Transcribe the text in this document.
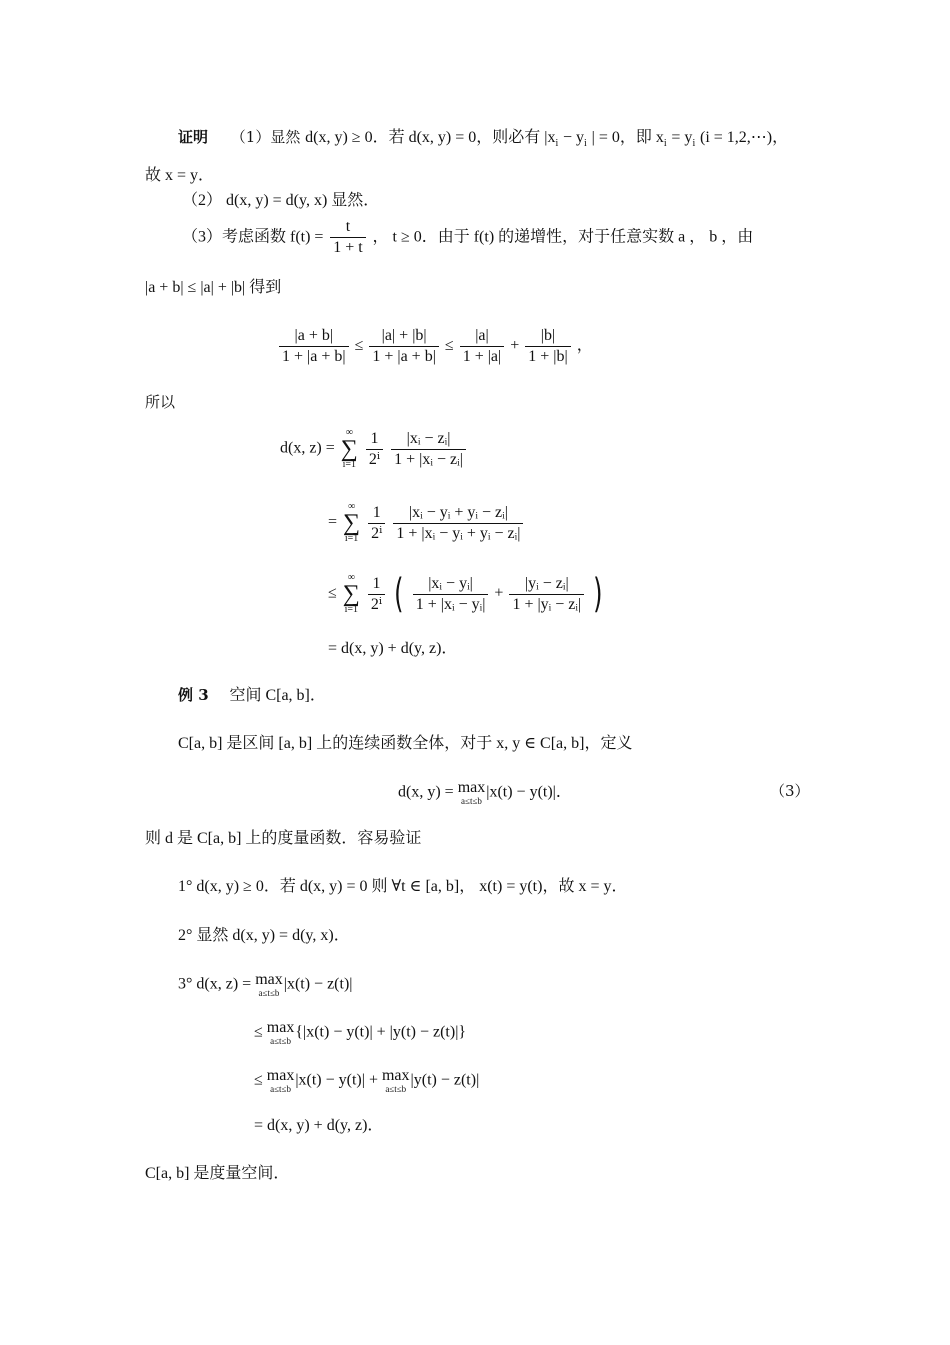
证明 （1）显然 d(x, y) ≥ 0．若 d(x, y) = 0，则必有 $|x_i - y_i$ | = 0，即 $x_i = y_i$ (i = 1,2,⋯)，
故 x = y．
（2） d(x, y) = d(y, x) 显然．
（3）考虑函数 $f(t) = \frac{t}{1 + t}$ ， t ≥ 0．由于 f(t) 的递增性，对于任意实数 a ， b ，由
|a + b| ≤ |a| + |b| 得到
$\frac{|a + b|}{1 + |a + b|} \le \frac{|a| + |b|}{1 + |a + b|} \le \frac{|a|}{1 + |a|} + \frac{|b|}{1 + |b|}$ ，
所以
d(x, z) =
∞
∑
i=1
$\frac{1}{\text{2ⁱ}}$
$\frac{\text{|xᵢ − zᵢ|}}{\text{1 + |xᵢ − zᵢ|}}$
=
∞
∑
i=1
$\frac{1}{\text{2ⁱ}}$
$\frac{\text{|xᵢ − yᵢ + yᵢ − zᵢ|}}{\text{1 + |xᵢ − yᵢ + yᵢ − zᵢ|}}$
≤
∞
∑
i=1
$\frac{1}{\text{2ⁱ}}$ ( $\frac{\text{|xᵢ − yᵢ|}}{\text{1 + |xᵢ − yᵢ|}} + \frac{\text{|yᵢ − zᵢ|}}{\text{1 + |yᵢ − zᵢ|}}$ )
= d(x, y) + d(y, z)．
例 3 空间 C[a, b]．
C[a, b] 是区间 [a, b] 上的连续函数全体，对于 x, y ∈ C[a, b]，定义
d(x, y) = max
a≤t≤b
|x(t) − y(t)|．	（3）
则 d 是 C[a, b] 上的度量函数．容易验证
1° d(x, y) ≥ 0．若 d(x, y) = 0 则 ∀t ∈ [a, b]， x(t) = y(t)，故 x = y．
2° 显然 d(x, y) = d(y, x)．
3° d(x, z) = max
a≤t≤b
|x(t) − z(t)|
≤ max
a≤t≤b
{|x(t) − y(t)| + |y(t) − z(t)|}
≤ max
a≤t≤b
|x(t) − y(t)| + max
a≤t≤b
|y(t) − z(t)|
= d(x, y) + d(y, z)．
C[a, b] 是度量空间．
